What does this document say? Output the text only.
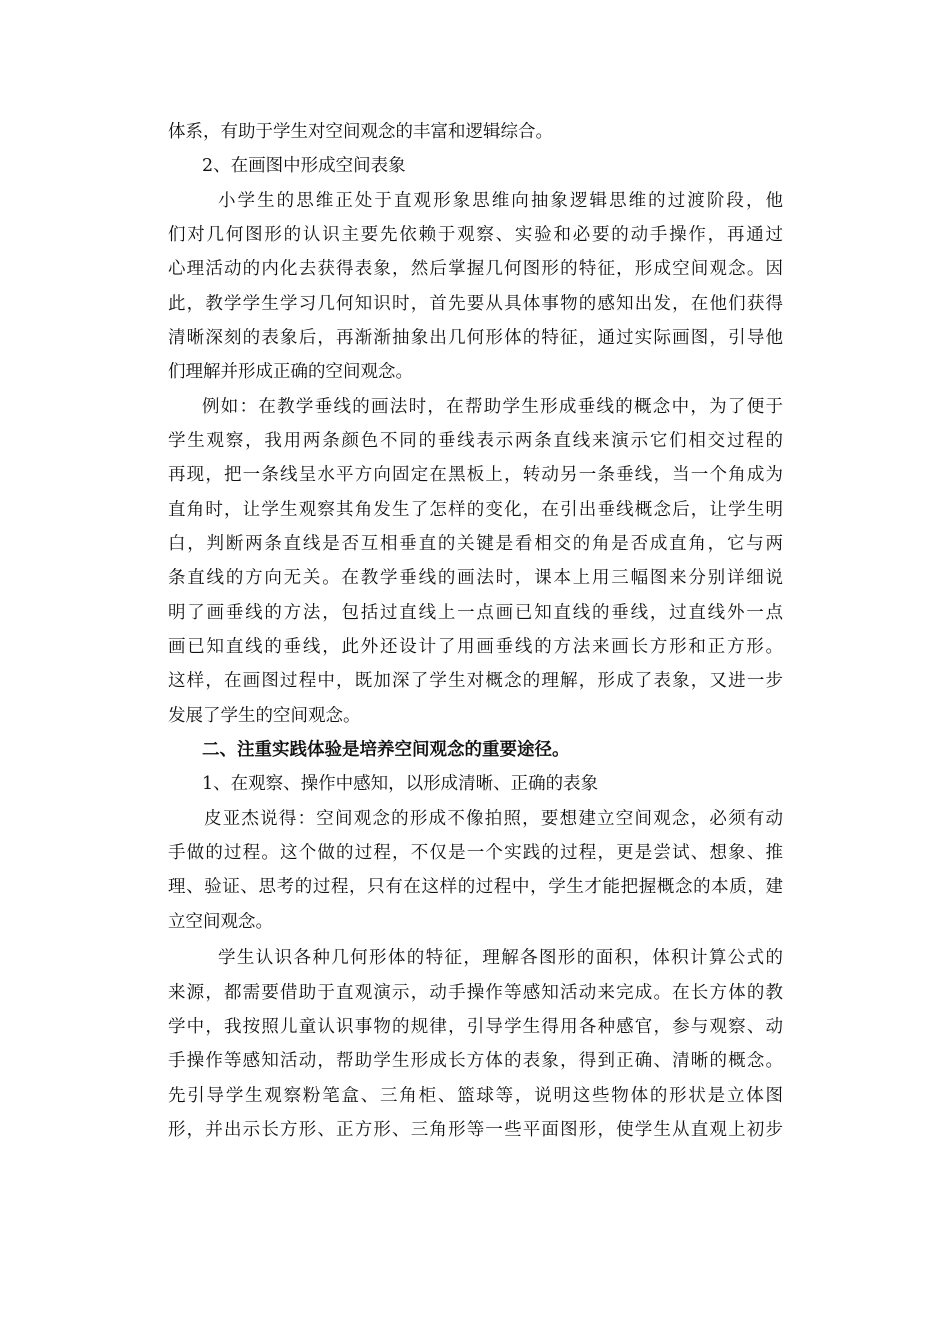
体系，有助于学生对空间观念的丰富和逻辑综合。
2、在画图中形成空间表象
小学生的思维正处于直观形象思维向抽象逻辑思维的过渡阶段，他
们对几何图形的认识主要先依赖于观察、实验和必要的动手操作，再通过
心理活动的内化去获得表象，然后掌握几何图形的特征，形成空间观念。因
此，教学学生学习几何知识时，首先要从具体事物的感知出发，在他们获得
清晰深刻的表象后，再渐渐抽象出几何形体的特征，通过实际画图，引导他
们理解并形成正确的空间观念。
例如：在教学垂线的画法时，在帮助学生形成垂线的概念中，为了便于
学生观察，我用两条颜色不同的垂线表示两条直线来演示它们相交过程的
再现，把一条线呈水平方向固定在黑板上，转动另一条垂线，当一个角成为
直角时，让学生观察其角发生了怎样的变化，在引出垂线概念后，让学生明
白，判断两条直线是否互相垂直的关键是看相交的角是否成直角，它与两
条直线的方向无关。在教学垂线的画法时，课本上用三幅图来分别详细说
明了画垂线的方法，包括过直线上一点画已知直线的垂线，过直线外一点
画已知直线的垂线，此外还设计了用画垂线的方法来画长方形和正方形。
这样，在画图过程中，既加深了学生对概念的理解，形成了表象，又进一步
发展了学生的空间观念。
二、注重实践体验是培养空间观念的重要途径。
1、在观察、操作中感知，以形成清晰、正确的表象
皮亚杰说得：空间观念的形成不像拍照，要想建立空间观念，必须有动
手做的过程。这个做的过程，不仅是一个实践的过程，更是尝试、想象、推
理、验证、思考的过程，只有在这样的过程中，学生才能把握概念的本质，建
立空间观念。
学生认识各种几何形体的特征，理解各图形的面积，体积计算公式的
来源，都需要借助于直观演示，动手操作等感知活动来完成。在长方体的教
学中，我按照儿童认识事物的规律，引导学生得用各种感官，参与观察、动
手操作等感知活动，帮助学生形成长方体的表象，得到正确、清晰的概念。
先引导学生观察粉笔盒、三角柜、篮球等，说明这些物体的形状是立体图
形，并出示长方形、正方形、三角形等一些平面图形，使学生从直观上初步
